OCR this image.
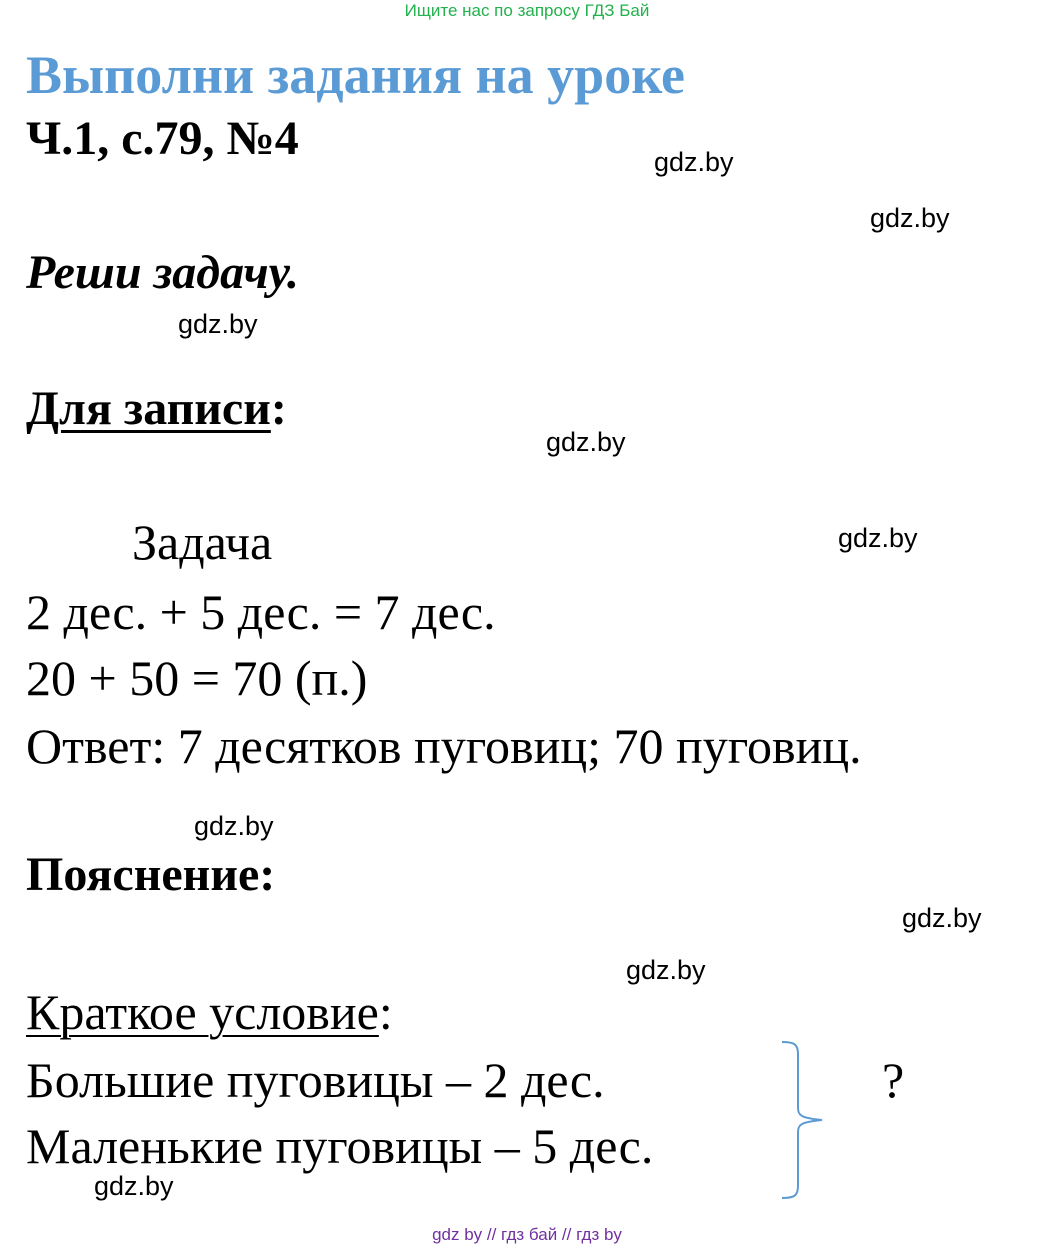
Ищите нас по запросу ГДЗ Бай
Выполни задания на уроке
Ч.1, с.79, №4
Реши задачу.
Для записи:
Задача
2 дес. + 5 дес. = 7 дес.
20 + 50 = 70 (п.)
Ответ: 7 десятков пуговиц; 70 пуговиц.
Пояснение:
Краткое условие:
Большие пуговицы – 2 дес.
Маленькие пуговицы – 5 дес.
?
gdz.by
gdz.by
gdz.by
gdz.by
gdz.by
gdz.by
gdz.by
gdz.by
gdz.by
gdz by // гдз бай // гдз by
